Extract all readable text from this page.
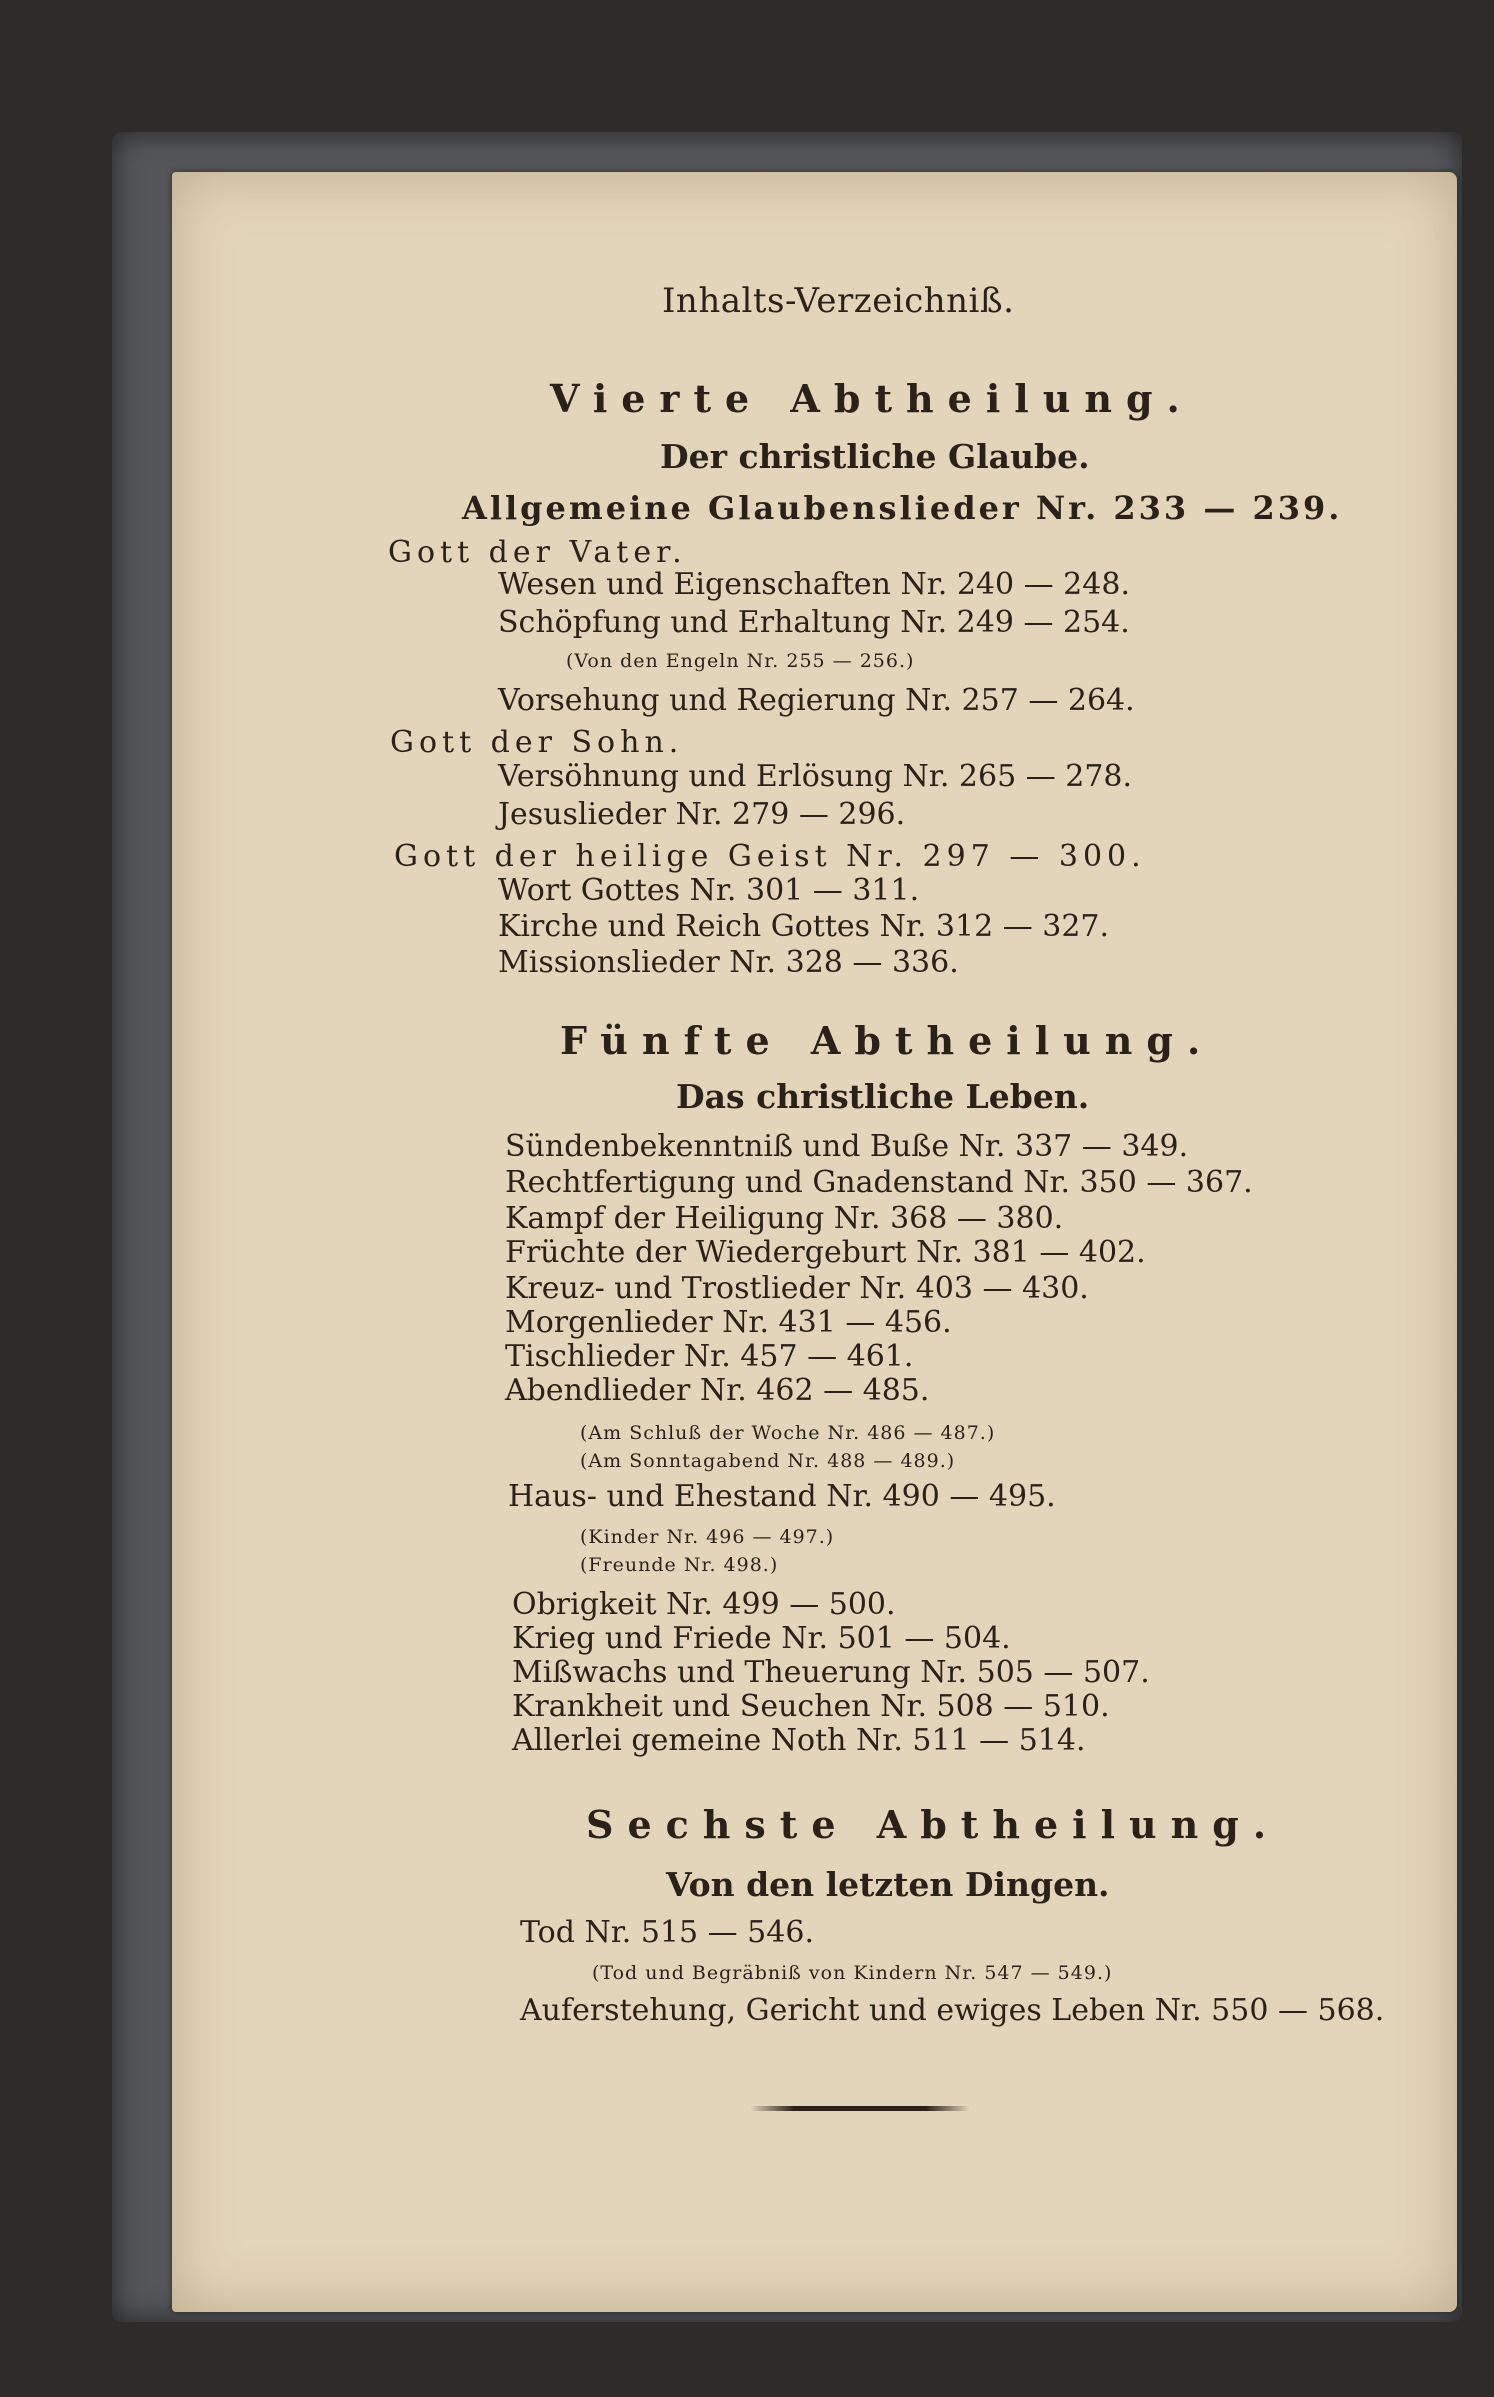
Inhalts-Verzeichniß.
Vierte Abtheilung.
Der christliche Glaube.
Allgemeine Glaubenslieder Nr. 233 — 239.
Gott der Vater.
Wesen und Eigenschaften Nr. 240 — 248.
Schöpfung und Erhaltung Nr. 249 — 254.
(Von den Engeln Nr. 255 — 256.)
Vorsehung und Regierung Nr. 257 — 264.
Gott der Sohn.
Versöhnung und Erlösung Nr. 265 — 278.
Jesuslieder Nr. 279 — 296.
Gott der heilige Geist Nr. 297 — 300.
Wort Gottes Nr. 301 — 311.
Kirche und Reich Gottes Nr. 312 — 327.
Missionslieder Nr. 328 — 336.
Fünfte Abtheilung.
Das christliche Leben.
Sündenbekenntniß und Buße Nr. 337 — 349.
Rechtfertigung und Gnadenstand Nr. 350 — 367.
Kampf der Heiligung Nr. 368 — 380.
Früchte der Wiedergeburt Nr. 381 — 402.
Kreuz- und Trostlieder Nr. 403 — 430.
Morgenlieder Nr. 431 — 456.
Tischlieder Nr. 457 — 461.
Abendlieder Nr. 462 — 485.
(Am Schluß der Woche Nr. 486 — 487.)
(Am Sonntagabend Nr. 488 — 489.)
Haus- und Ehestand Nr. 490 — 495.
(Kinder Nr. 496 — 497.)
(Freunde Nr. 498.)
Obrigkeit Nr. 499 — 500.
Krieg und Friede Nr. 501 — 504.
Mißwachs und Theuerung Nr. 505 — 507.
Krankheit und Seuchen Nr. 508 — 510.
Allerlei gemeine Noth Nr. 511 — 514.
Sechste Abtheilung.
Von den letzten Dingen.
Tod Nr. 515 — 546.
(Tod und Begräbniß von Kindern Nr. 547 — 549.)
Auferstehung, Gericht und ewiges Leben Nr. 550 — 568.
